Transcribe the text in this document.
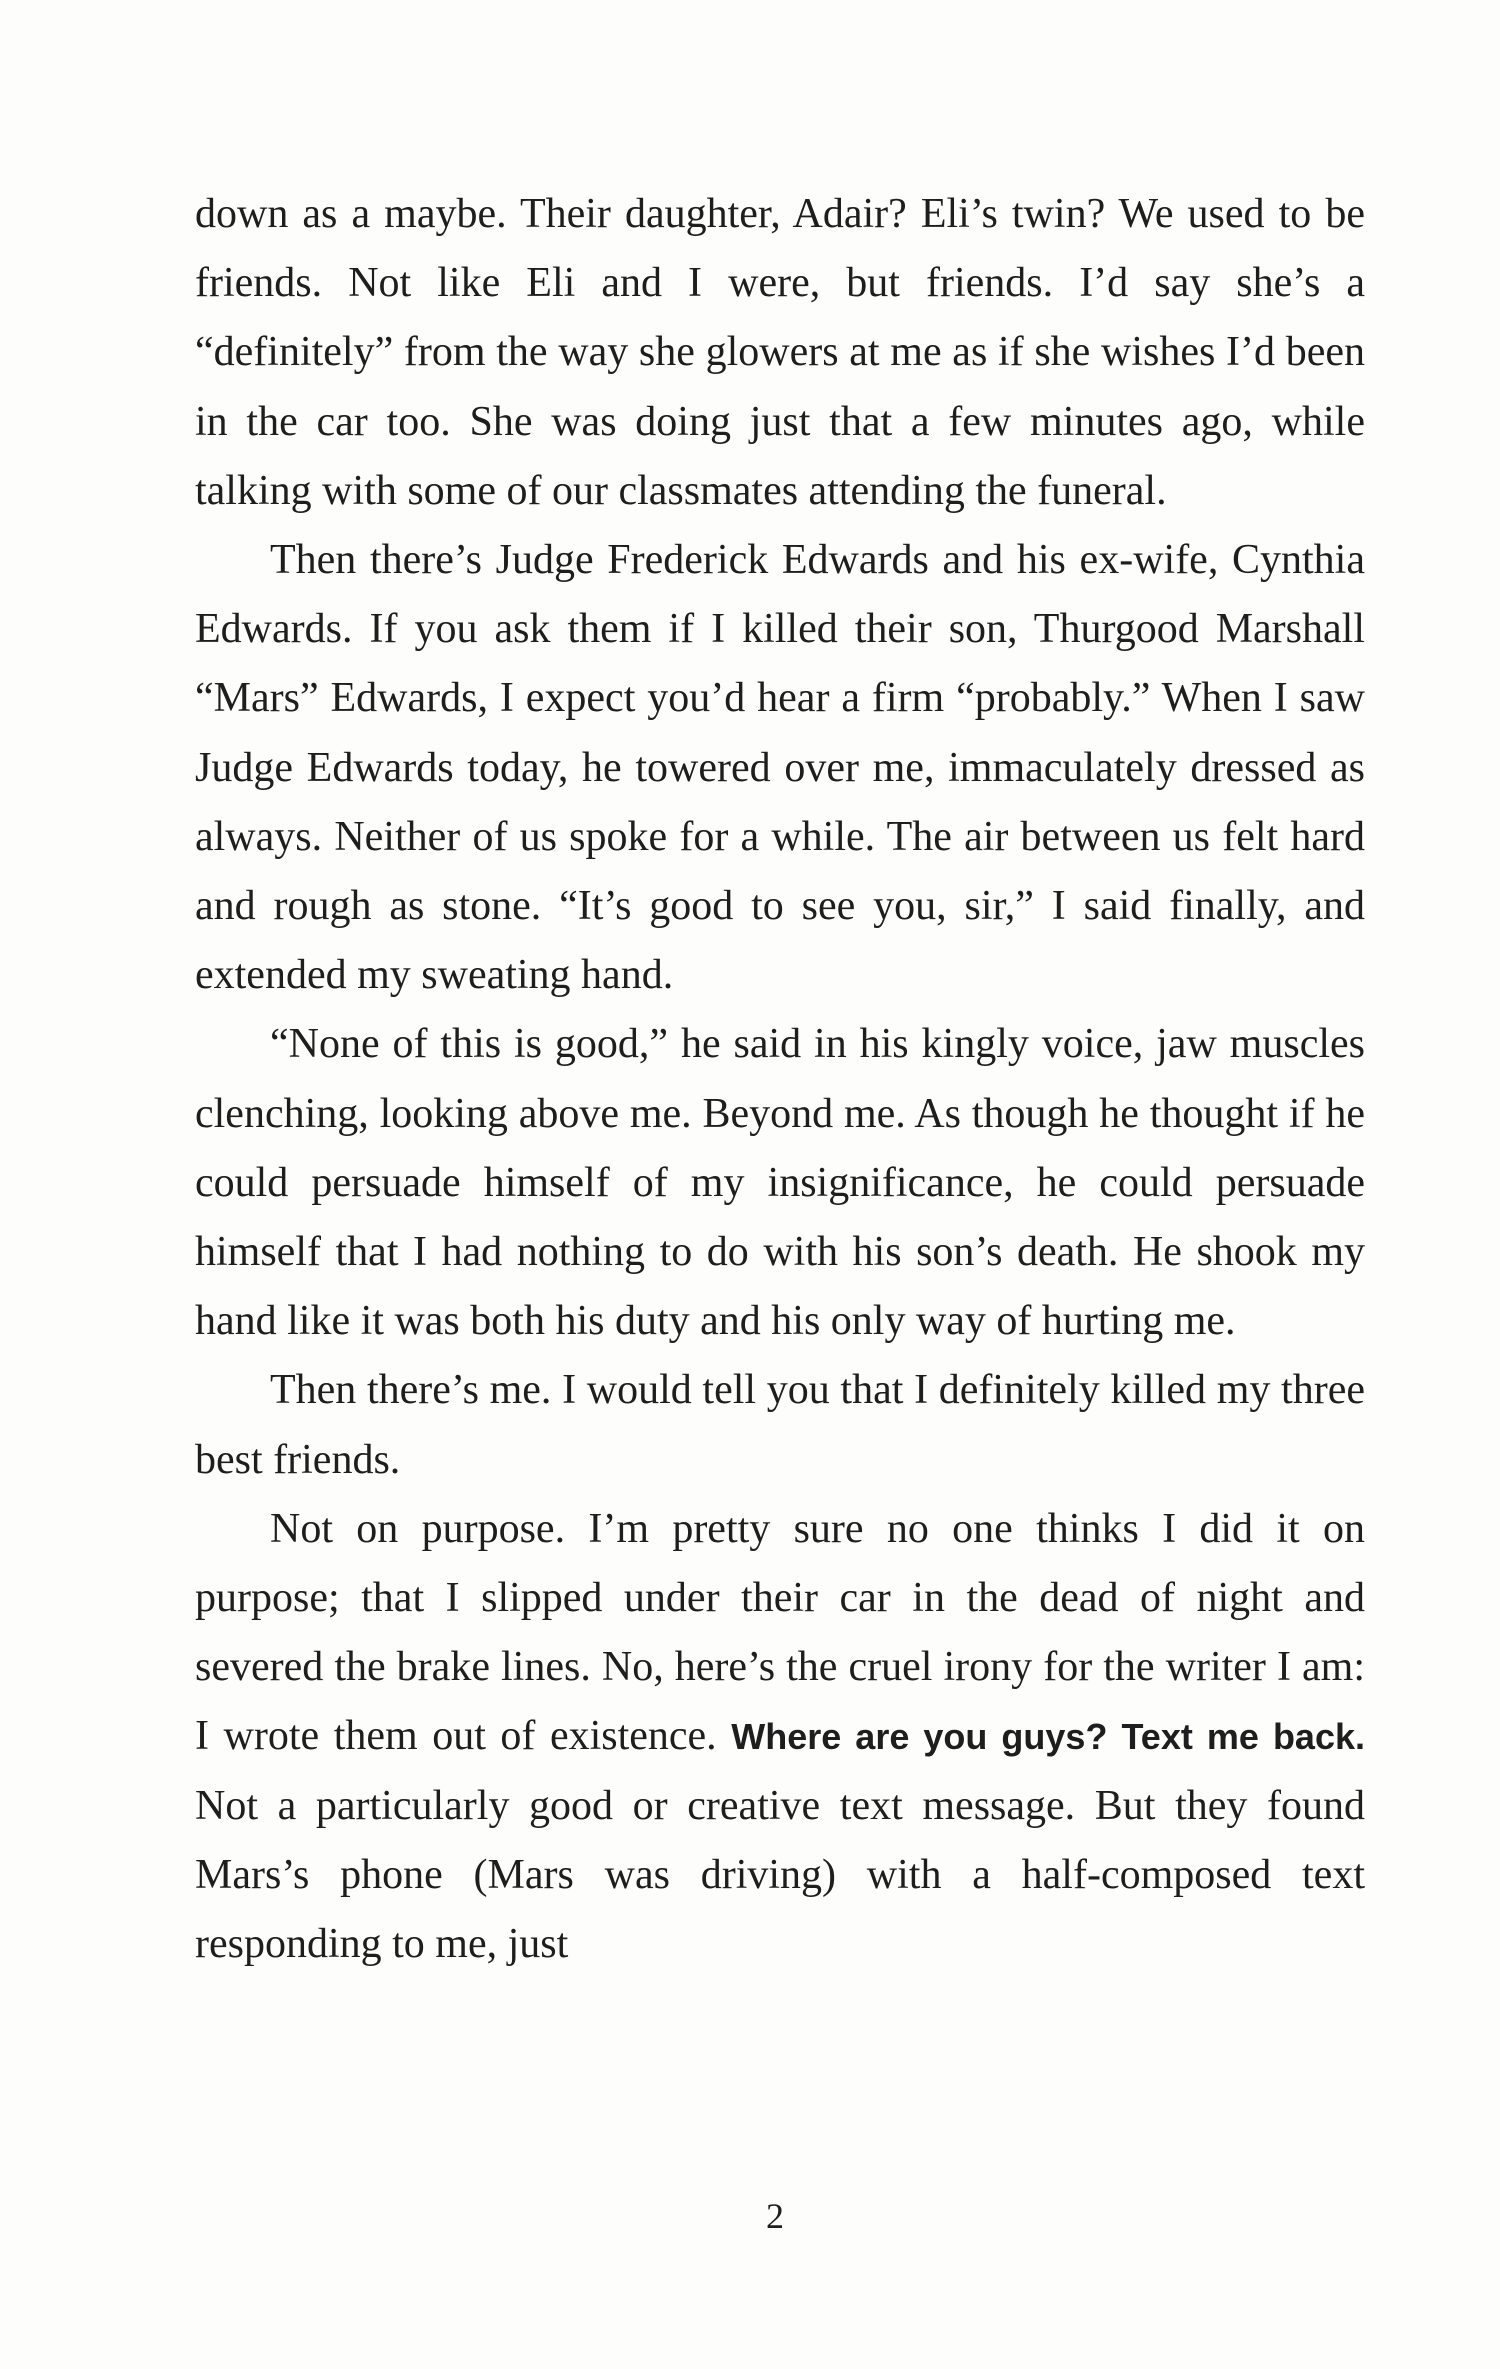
down as a maybe. Their daughter, Adair? Eli’s twin? We used to be friends. Not like Eli and I were, but friends. I’d say she’s a “definitely” from the way she glowers at me as if she wishes I’d been in the car too. She was doing just that a few minutes ago, while talking with some of our classmates attending the funeral.

Then there’s Judge Frederick Edwards and his ex-wife, Cynthia Edwards. If you ask them if I killed their son, Thurgood Marshall “Mars” Edwards, I expect you’d hear a firm “probably.” When I saw Judge Edwards today, he towered over me, immaculately dressed as always. Neither of us spoke for a while. The air between us felt hard and rough as stone. “It’s good to see you, sir,” I said finally, and extended my sweating hand.

“None of this is good,” he said in his kingly voice, jaw muscles clenching, looking above me. Beyond me. As though he thought if he could persuade himself of my insignificance, he could persuade himself that I had nothing to do with his son’s death. He shook my hand like it was both his duty and his only way of hurting me.

Then there’s me. I would tell you that I definitely killed my three best friends.

Not on purpose. I’m pretty sure no one thinks I did it on purpose; that I slipped under their car in the dead of night and severed the brake lines. No, here’s the cruel irony for the writer I am: I wrote them out of existence. Where are you guys? Text me back. Not a particularly good or creative text message. But they found Mars’s phone (Mars was driving) with a half-composed text responding to me, just

2
